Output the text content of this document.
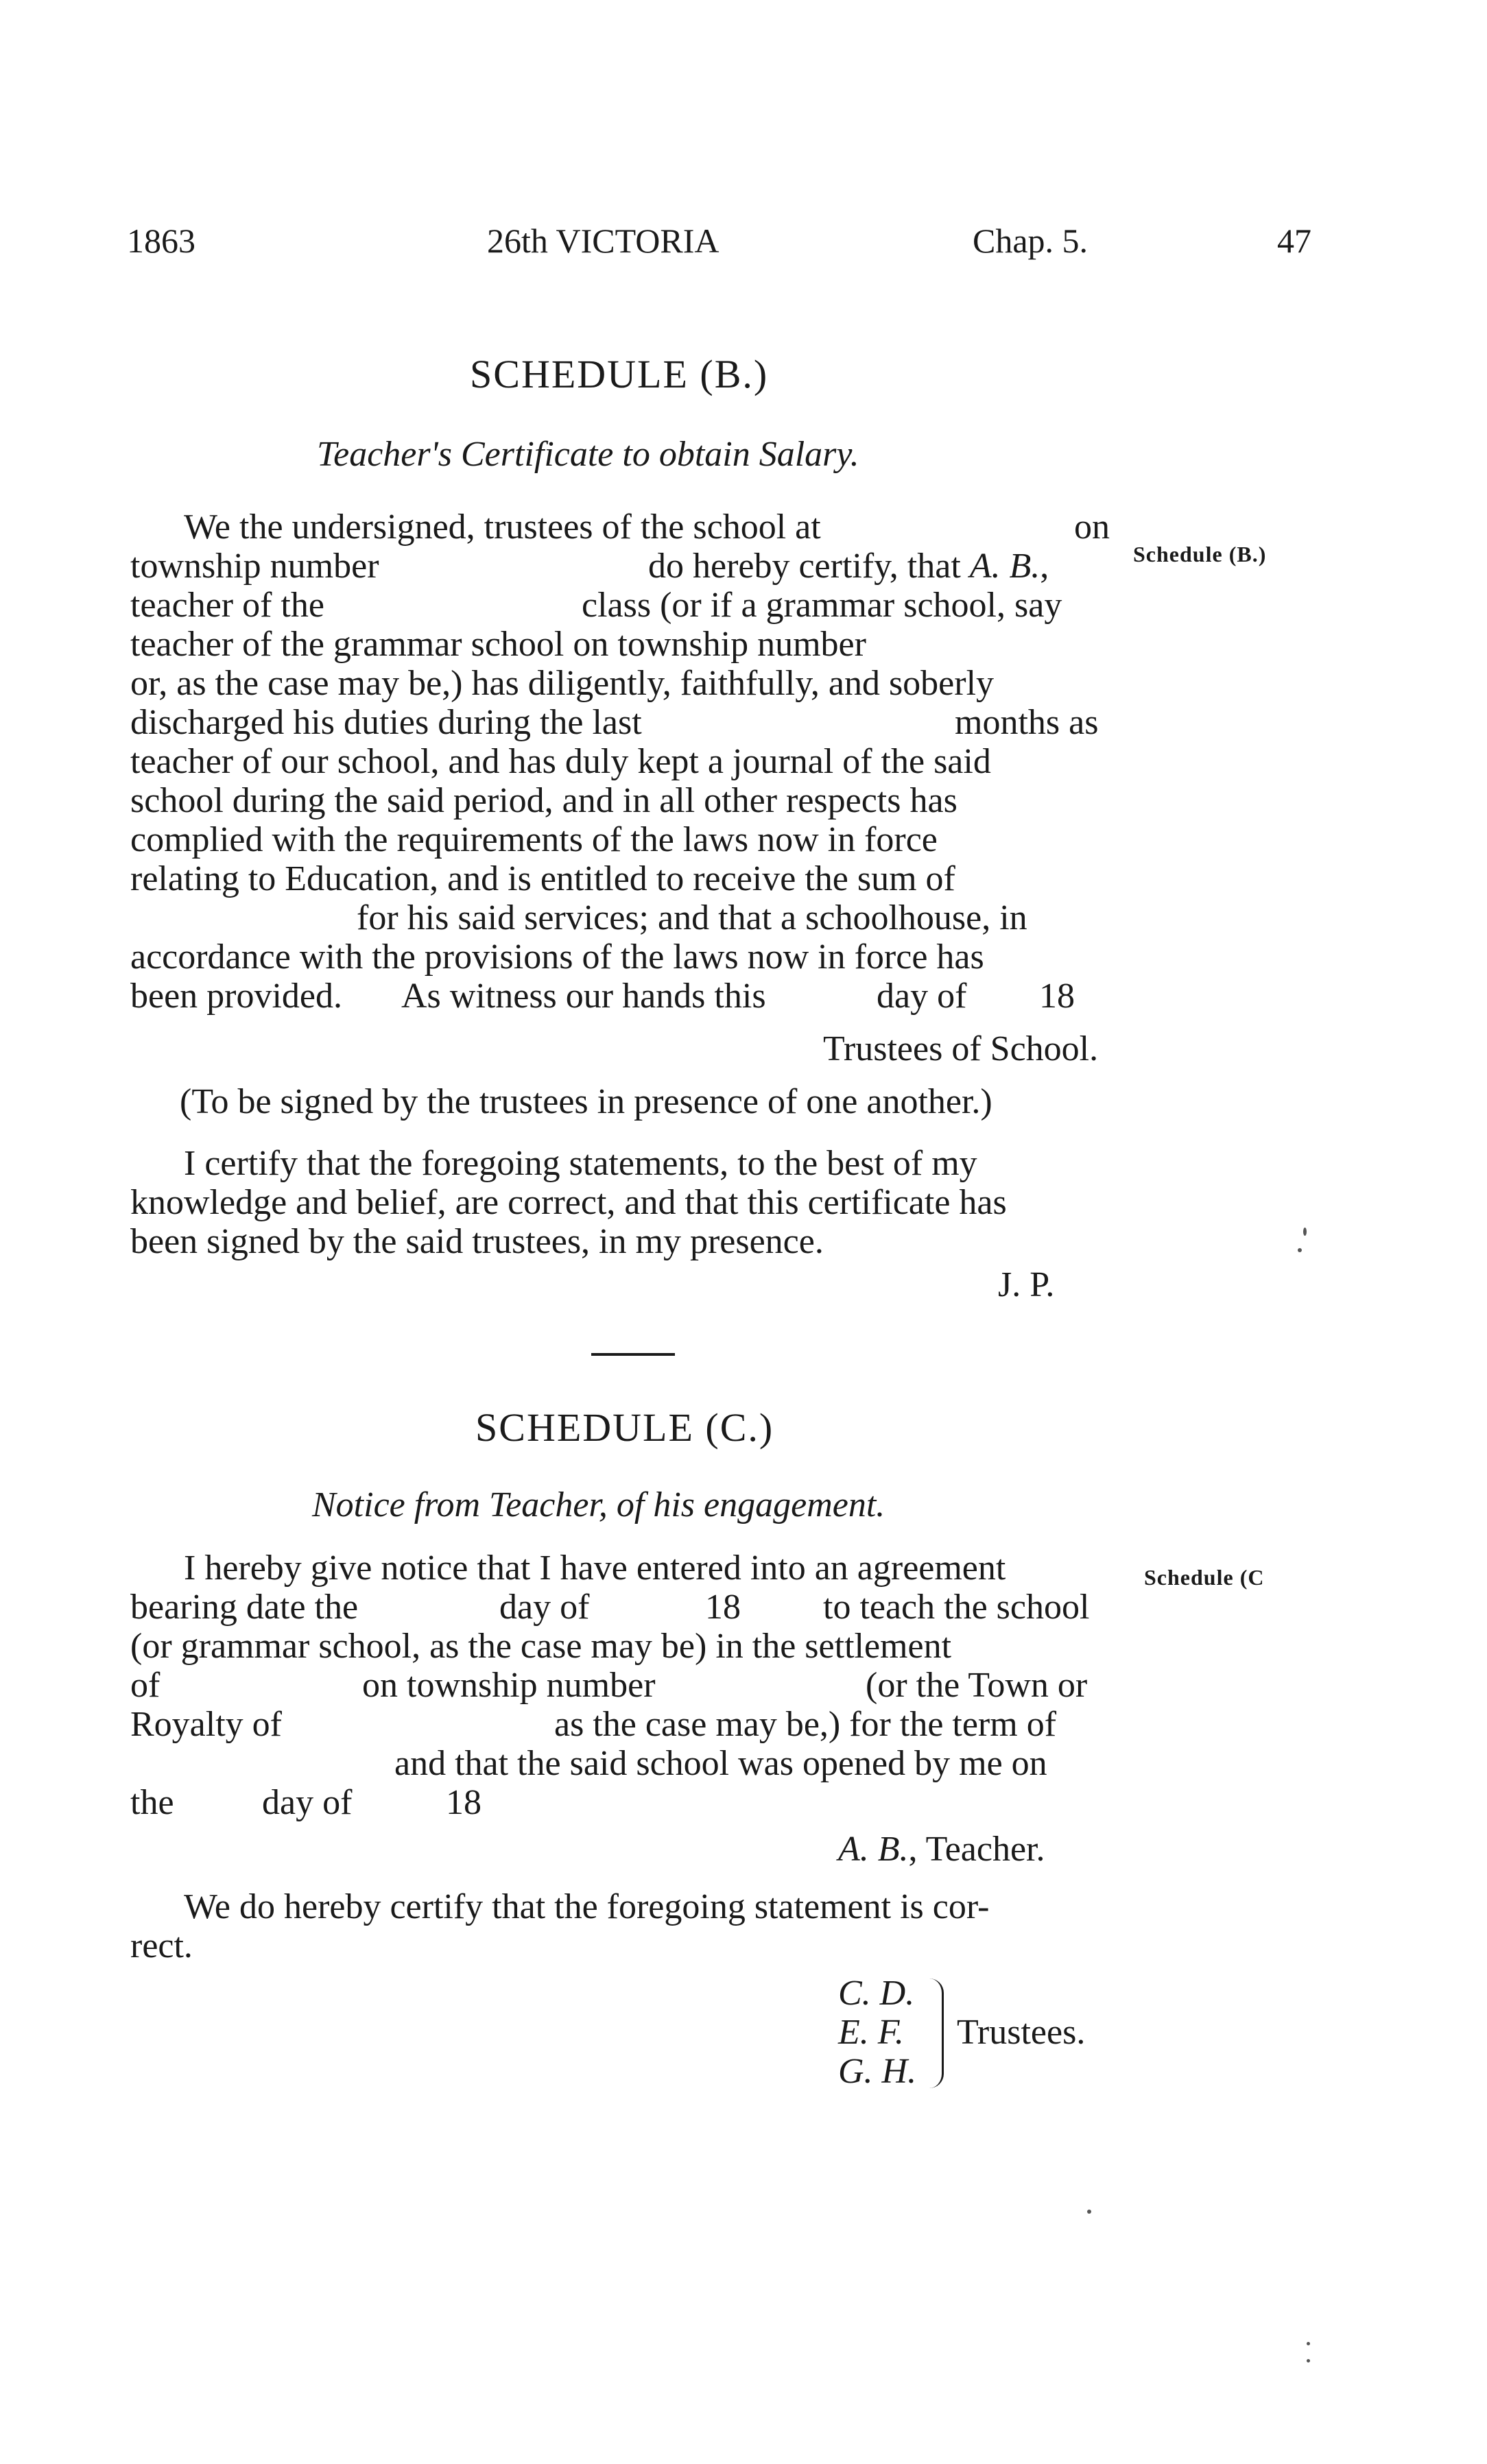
1863	26th VICTORIA	Chap. 5.	47
SCHEDULE (B.)
Teacher's Certificate to obtain Salary.
Schedule (B.)
We the undersigned, trustees of the school at	on
township number	do hereby certify, that A. B.,
teacher of the	class (or if a grammar school, say
teacher of the grammar school on township number
or, as the case may be,) has diligently, faithfully, and soberly
discharged his duties during the last	months as
teacher of our school, and has duly kept a journal of the said
school during the said period, and in all other respects has
complied with the requirements of the laws now in force
relating to Education, and is entitled to receive the sum of
for his said services; and that a schoolhouse, in
accordance with the provisions of the laws now in force has
been provided. As witness our hands this	day of 18
Trustees of School.
(To be signed by the trustees in presence of one another.)
I certify that the foregoing statements, to the best of my
knowledge and belief, are correct, and that this certificate has
been signed by the said trustees, in my presence.
J. P.
SCHEDULE (C.)
Notice from Teacher, of his engagement.
Schedule (C
I hereby give notice that I have entered into an agreement
bearing date the	day of	18 to teach the school
(or grammar school, as the case may be) in the settlement
of	on township number	(or the Town or
Royalty of	as the case may be,) for the term of
and that the said school was opened by me on
the day of	18
A. B., Teacher.
We do hereby certify that the foregoing statement is cor-
rect.
C. D.
E. F.
G. H.
Trustees.
